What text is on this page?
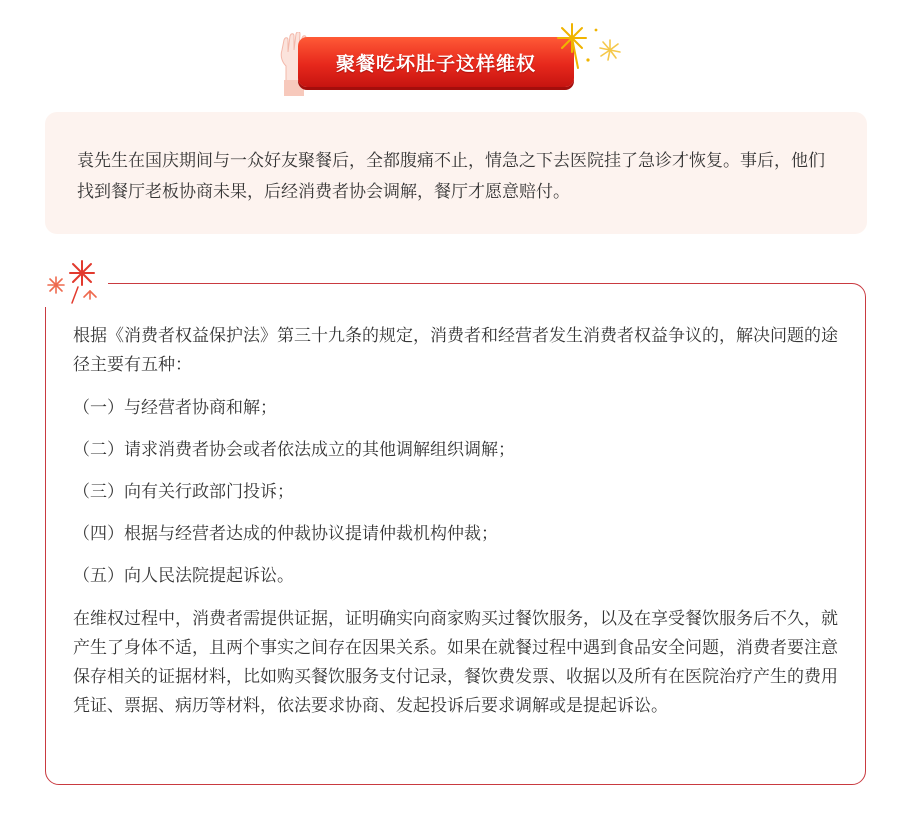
聚餐吃坏肚子这样维权

袁先生在国庆期间与一众好友聚餐后，全都腹痛不止，情急之下去医院挂了急诊才恢复。事后，他们找到餐厅老板协商未果，后经消费者协会调解，餐厅才愿意赔付。

根据《消费者权益保护法》第三十九条的规定，消费者和经营者发生消费者权益争议的，解决问题的途径主要有五种：

（一）与经营者协商和解；

（二）请求消费者协会或者依法成立的其他调解组织调解；

（三）向有关行政部门投诉；

（四）根据与经营者达成的仲裁协议提请仲裁机构仲裁；

（五）向人民法院提起诉讼。

在维权过程中，消费者需提供证据，证明确实向商家购买过餐饮服务，以及在享受餐饮服务后不久，就产生了身体不适，且两个事实之间存在因果关系。如果在就餐过程中遇到食品安全问题，消费者要注意保存相关的证据材料，比如购买餐饮服务支付记录，餐饮费发票、收据以及所有在医院治疗产生的费用凭证、票据、病历等材料，依法要求协商、发起投诉后要求调解或是提起诉讼。
